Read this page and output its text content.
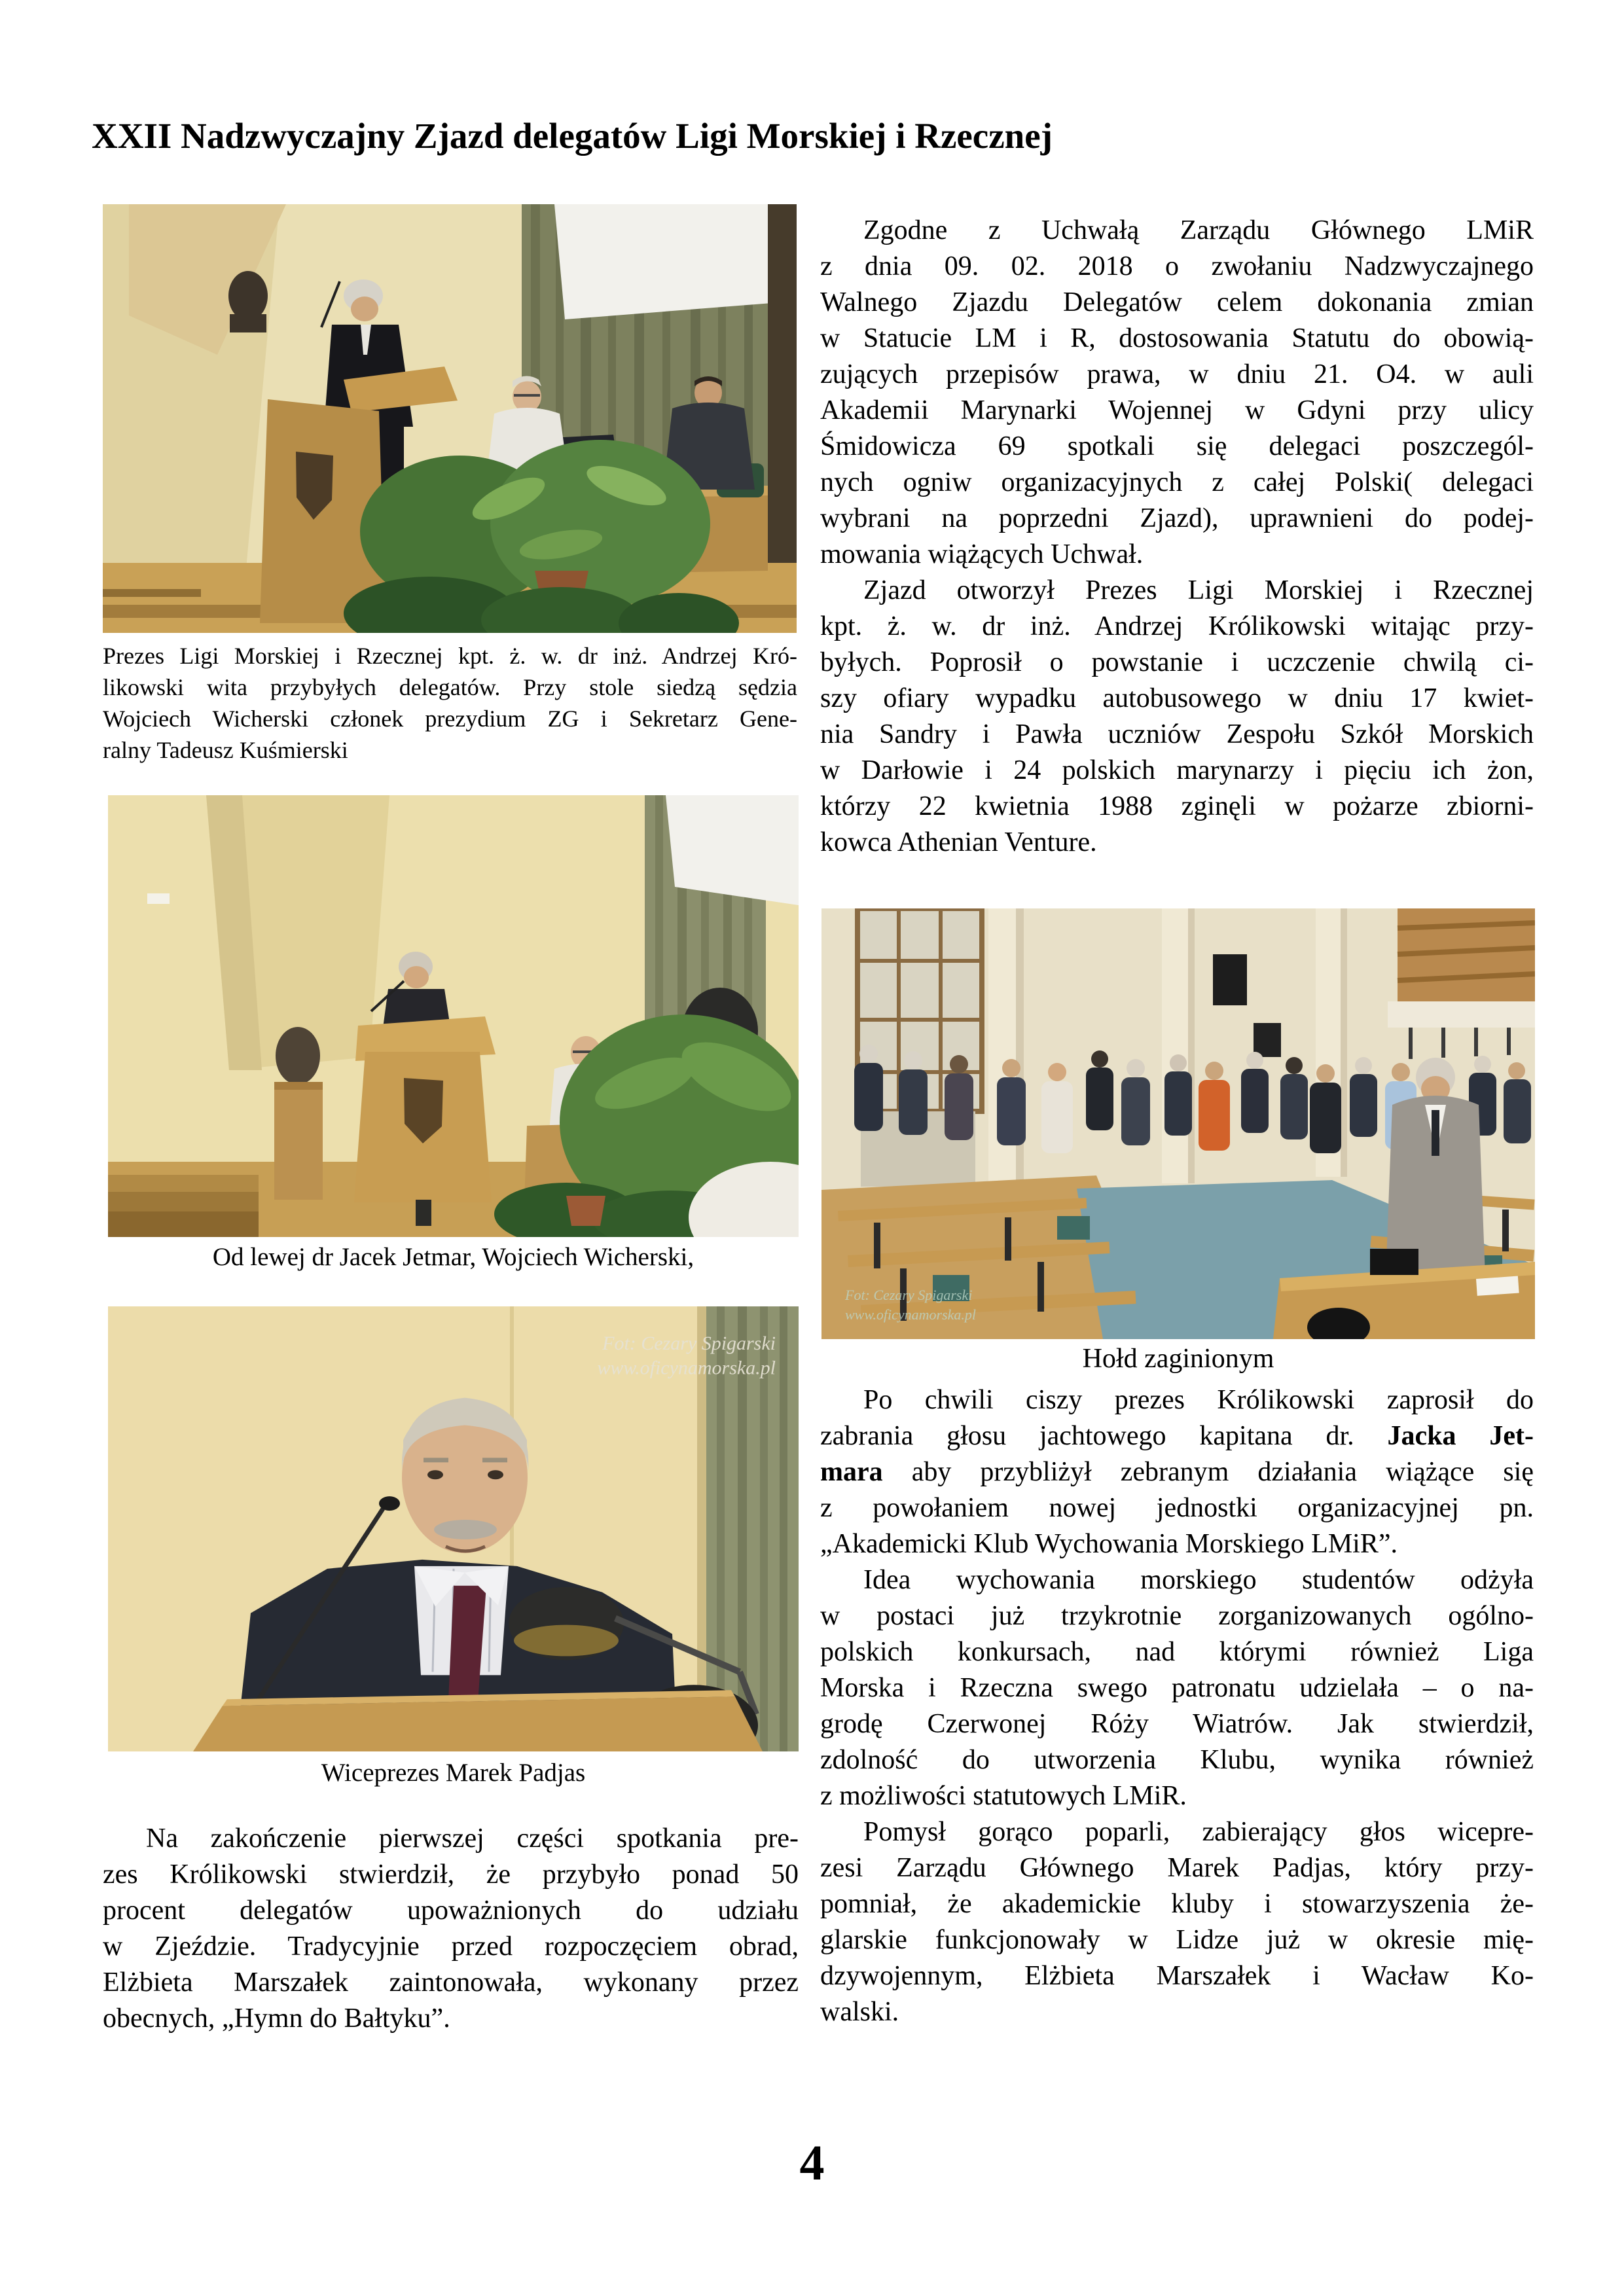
XXII Nadzwyczajny Zjazd delegatów Ligi Morskiej i Rzecznej
Prezes Ligi Morskiej i Rzecznej kpt. ż. w. dr inż. Andrzej Kró-
likowski wita przybyłych delegatów. Przy stole siedzą sędzia
Wojciech Wicherski członek prezydium ZG i Sekretarz Gene-
ralny Tadeusz Kuśmierski
Od lewej dr Jacek Jetmar, Wojciech Wicherski,
Fot: Cezary Spigarski
www.oficynamorska.pl
Wiceprezes Marek Padjas
Na zakończenie pierwszej części spotkania pre-
zes Królikowski stwierdził, że przybyło ponad 50
procent delegatów upoważnionych do udziału
w Zjeździe. Tradycyjnie przed rozpoczęciem obrad,
Elżbieta Marszałek zaintonowała, wykonany przez
obecnych, „Hymn do Bałtyku”.
Zgodne z Uchwałą Zarządu Głównego LMiR
z dnia 09. 02. 2018 o zwołaniu Nadzwyczajnego
Walnego Zjazdu Delegatów celem dokonania zmian
w Statucie LM i R, dostosowania Statutu do obowią-
zujących przepisów prawa, w dniu 21. O4. w auli
Akademii Marynarki Wojennej w Gdyni przy ulicy
Śmidowicza 69 spotkali się delegaci poszczegól-
nych ogniw organizacyjnych z całej Polski( delegaci
wybrani na poprzedni Zjazd), uprawnieni do podej-
mowania wiążących Uchwał.
Zjazd otworzył Prezes Ligi Morskiej i Rzecznej
kpt. ż. w. dr inż. Andrzej Królikowski witając przy-
byłych. Poprosił o powstanie i uczczenie chwilą ci-
szy ofiary wypadku autobusowego w dniu 17 kwiet-
nia Sandry i Pawła uczniów Zespołu Szkół Morskich
w Darłowie i 24 polskich marynarzy i pięciu ich żon,
którzy 22 kwietnia 1988 zginęli w pożarze zbiorni-
kowca Athenian Venture.
Fot: Cezary Spigarski
www.oficynamorska.pl
Hołd zaginionym
Po chwili ciszy prezes Królikowski zaprosił do
zabrania głosu jachtowego kapitana dr. Jacka Jet-
mara aby przybliżył zebranym działania wiążące się
z powołaniem nowej jednostki organizacyjnej pn.
„Akademicki Klub Wychowania Morskiego LMiR”.
Idea wychowania morskiego studentów odżyła
w postaci już trzykrotnie zorganizowanych ogólno-
polskich konkursach, nad którymi również Liga
Morska i Rzeczna swego patronatu udzielała – o na-
grodę Czerwonej Róży Wiatrów. Jak stwierdził,
zdolność do utworzenia Klubu, wynika również
z możliwości statutowych LMiR.
Pomysł gorąco poparli, zabierający głos wicepre-
zesi Zarządu Głównego Marek Padjas, który przy-
pomniał, że akademickie kluby i stowarzyszenia że-
glarskie funkcjonowały w Lidze już w okresie mię-
dzywojennym, Elżbieta Marszałek i Wacław Ko-
walski.
4
